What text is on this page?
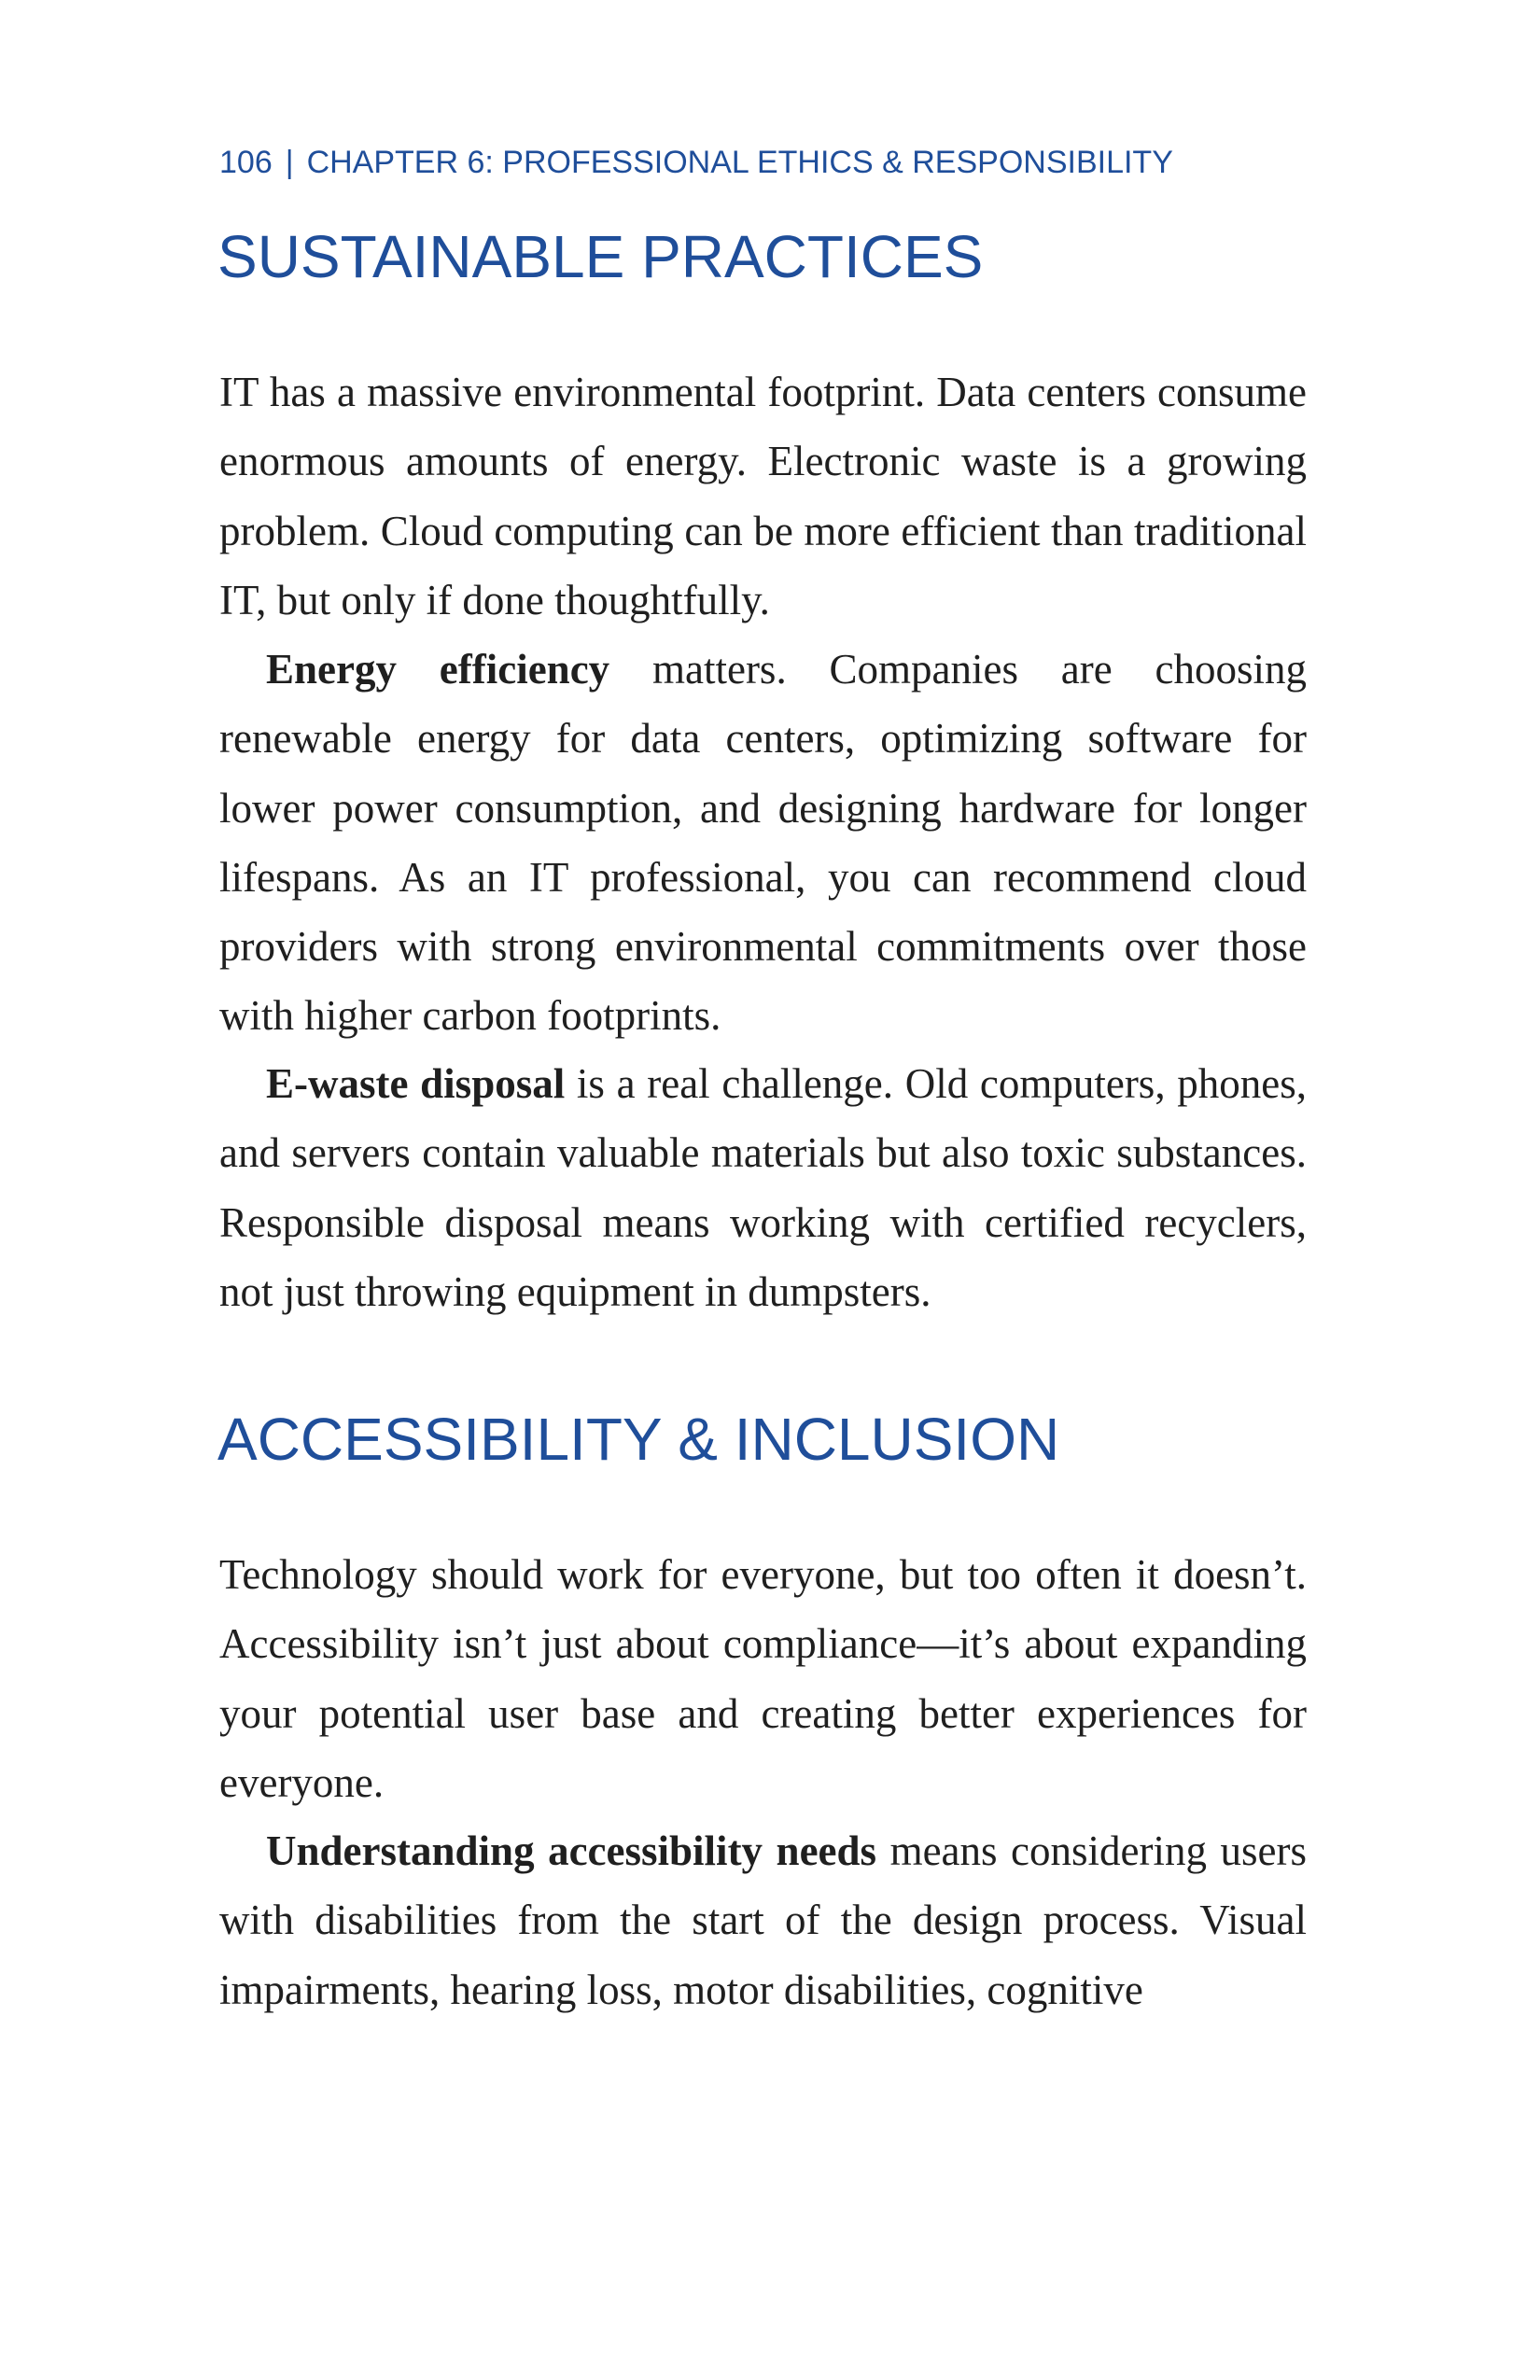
106 | CHAPTER 6: PROFESSIONAL ETHICS & RESPONSIBILITY
SUSTAINABLE PRACTICES

IT has a massive environmental footprint. Data centers consume enormous amounts of energy. Electronic waste is a growing problem. Cloud computing can be more efficient than traditional IT, but only if done thoughtfully.

Energy efficiency matters. Companies are choosing renewable energy for data centers, optimizing software for lower power consumption, and designing hardware for longer lifespans. As an IT professional, you can recommend cloud providers with strong environmental commitments over those with higher carbon footprints.

E-waste disposal is a real challenge. Old computers, phones, and servers contain valuable materials but also toxic substances. Responsible disposal means working with certified recyclers, not just throwing equipment in dumpsters.

ACCESSIBILITY & INCLUSION

Technology should work for everyone, but too often it doesn’t. Accessibility isn’t just about compliance—it’s about expanding your potential user base and creating better experiences for everyone.

Understanding accessibility needs means considering users with disabilities from the start of the design process. Visual impairments, hearing loss, motor disabilities, cognitive
